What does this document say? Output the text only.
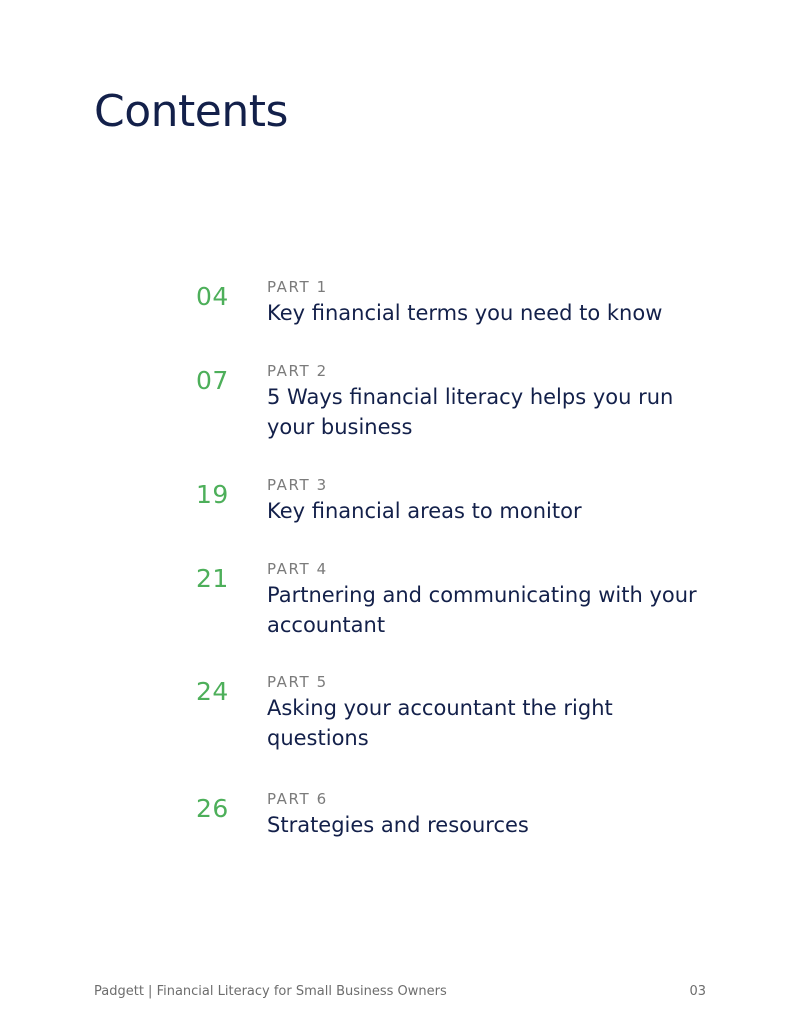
Contents
04	PART 1
Key financial terms you need to know
07	PART 2
5 Ways financial literacy helps you run your business
19	PART 3
Key financial areas to monitor
21	PART 4
Partnering and communicating with your accountant
24	PART 5
Asking your accountant the right questions
26	PART 6
Strategies and resources
Padgett | Financial Literacy for Small Business Owners	03
